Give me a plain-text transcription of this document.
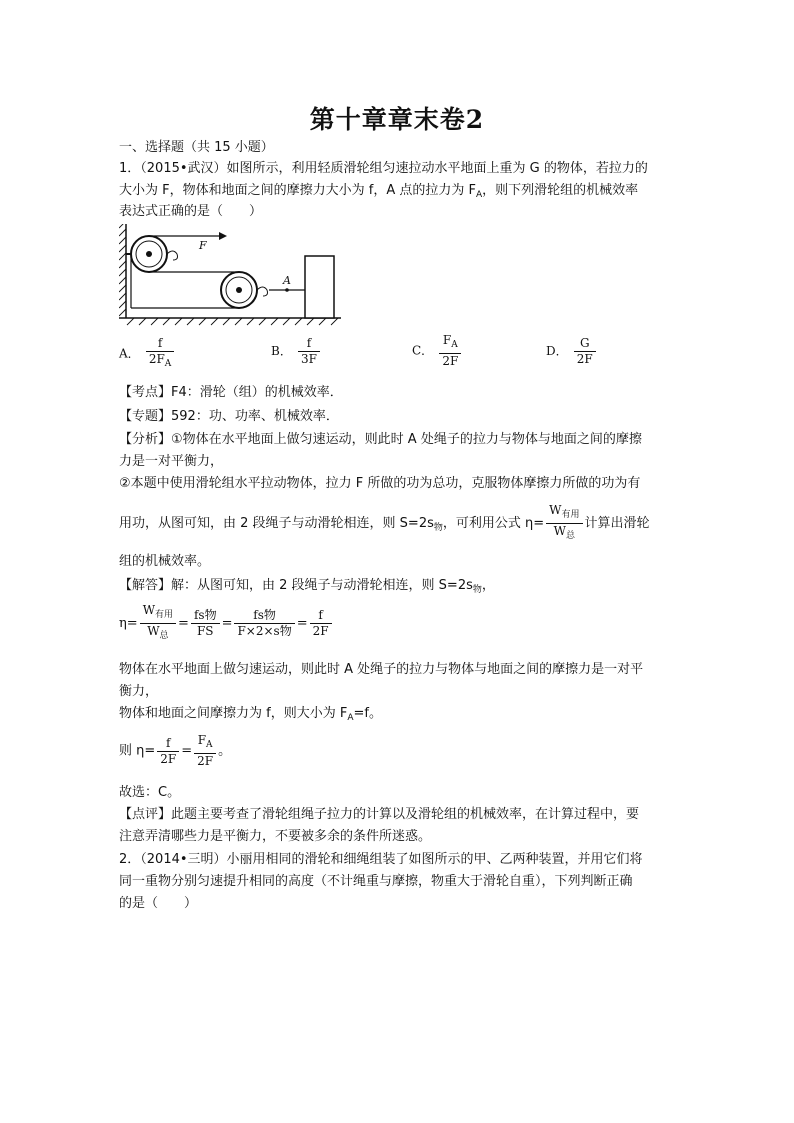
第十章章末卷2
一、选择题（共 15 小题）
1．（2015•武汉）如图所示，利用轻质滑轮组匀速拉动水平地面上重为 G 的物体，若拉力的
大小为 F，物体和地面之间的摩擦力大小为 f，A 点的拉力为 $F_A$，则下列滑轮组的机械效率
表达式正确的是（　　）
F
A
A． $\frac{f}{2F_A}$	B． $\frac{f}{3F}$	C． $\frac{F_A}{2F}$	D． $\frac{G}{2F}$
【考点】F4：滑轮（组）的机械效率．
【专题】592：功、功率、机械效率．
【分析】①物体在水平地面上做匀速运动，则此时 A 处绳子的拉力与物体与地面之间的摩擦
力是一对平衡力，
②本题中使用滑轮组水平拉动物体，拉力 F 所做的功为总功，克服物体摩擦力所做的功为有
用功，从图可知，由 2 段绳子与动滑轮相连，则 $S=2s_物$，可利用公式 $\eta= \frac{W_{有用}}{W_总}$ 计算出滑轮
组的机械效率。
【解答】解：从图可知，由 2 段绳子与动滑轮相连，则 $S=2s_物$，
$\eta= \frac{W_{有用}}{W_总} = \frac{\text{fs物}}{FS} = \frac{\text{fs物}}{\text{F×2×s物}} = \frac{f}{2F}$
物体在水平地面上做匀速运动，则此时 A 处绳子的拉力与物体与地面之间的摩擦力是一对平
衡力，
物体和地面之间摩擦力为 f，则大小为 $F_A=f$。
则 $\eta= \frac{f}{2F} = \frac{F_A}{2F}$ 。
故选：C。
【点评】此题主要考查了滑轮组绳子拉力的计算以及滑轮组的机械效率，在计算过程中，要
注意弄清哪些力是平衡力，不要被多余的条件所迷惑。
2．（2014•三明）小丽用相同的滑轮和细绳组装了如图所示的甲、乙两种装置，并用它们将
同一重物分别匀速提升相同的高度（不计绳重与摩擦，物重大于滑轮自重），下列判断正确
的是（　　）
